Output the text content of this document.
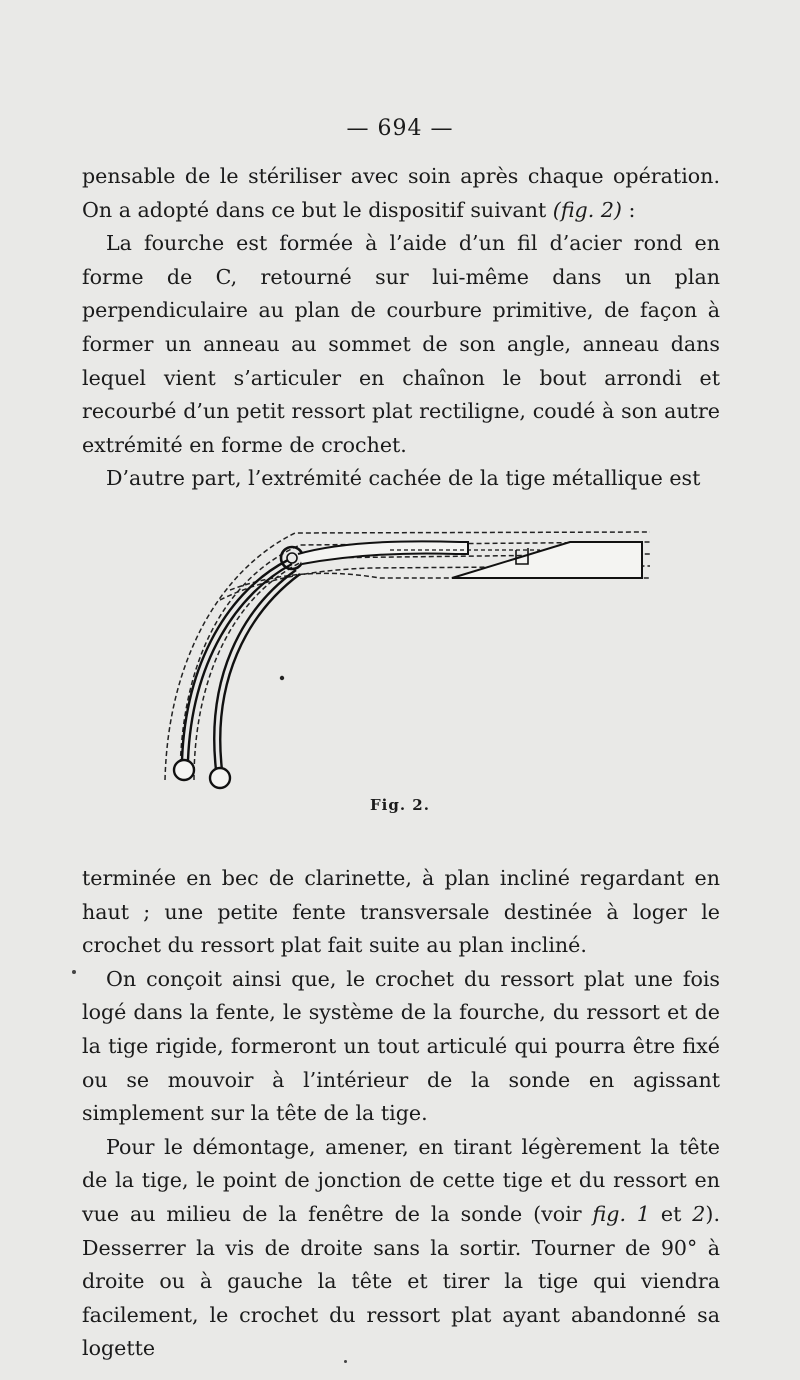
— 694 —

pensable de le stériliser avec soin après chaque opération. On a adopté dans ce but le dispositif suivant (fig. 2) :

La fourche est formée à l’aide d’un fil d’acier rond en forme de C, retourné sur lui-même dans un plan perpendiculaire au plan de courbure primitive, de façon à former un anneau au sommet de son angle, anneau dans lequel vient s’articuler en chaînon le bout arrondi et recourbé d’un petit ressort plat rectiligne, coudé à son autre extrémité en forme de crochet.

D’autre part, l’extrémité cachée de la tige métallique est

Fig. 2.

terminée en bec de clarinette, à plan incliné regardant en haut ; une petite fente transversale destinée à loger le crochet du ressort plat fait suite au plan incliné.

On conçoit ainsi que, le crochet du ressort plat une fois logé dans la fente, le système de la fourche, du ressort et de la tige rigide, formeront un tout articulé qui pourra être fixé ou se mouvoir à l’intérieur de la sonde en agissant simplement sur la tête de la tige.

Pour le démontage, amener, en tirant légèrement la tête de la tige, le point de jonction de cette tige et du ressort en vue au milieu de la fenêtre de la sonde (voir fig. 1 et 2). Desserrer la vis de droite sans la sortir. Tourner de 90° à droite ou à gauche la tête et tirer la tige qui viendra facilement, le crochet du ressort plat ayant abandonné sa logette
